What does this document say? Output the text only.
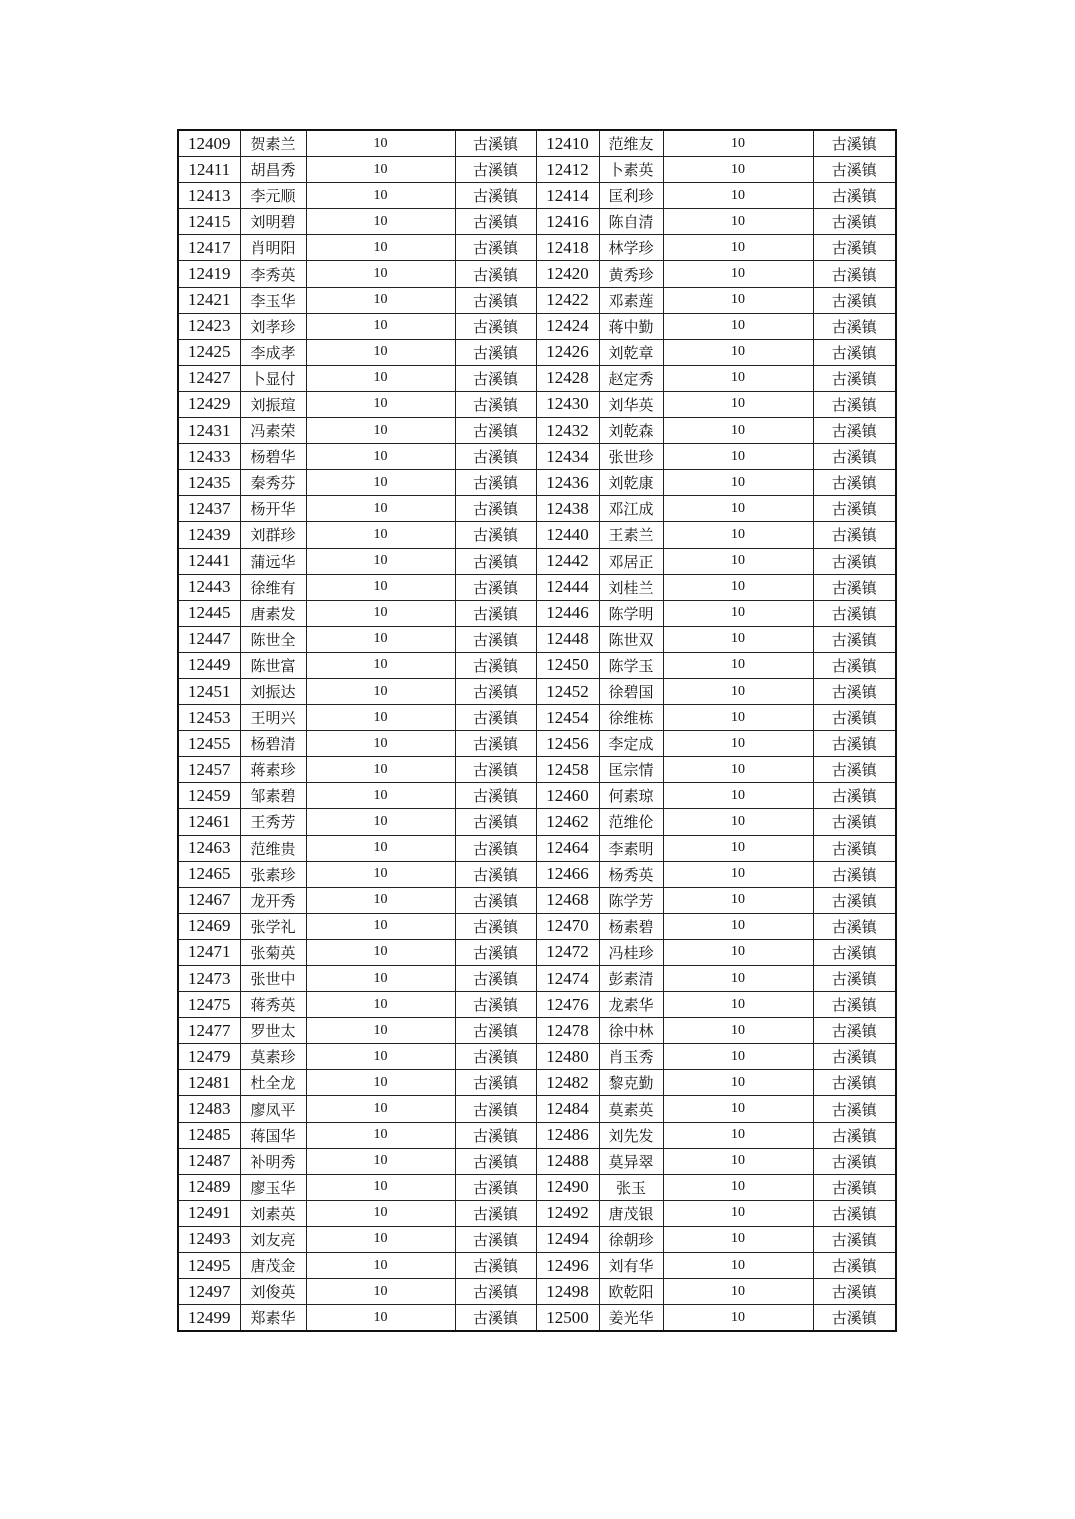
12409	贺素兰	10	古溪镇	12410	范维友	10	古溪镇
12411	胡昌秀	10	古溪镇	12412	卜素英	10	古溪镇
12413	李元顺	10	古溪镇	12414	匡利珍	10	古溪镇
12415	刘明碧	10	古溪镇	12416	陈自清	10	古溪镇
12417	肖明阳	10	古溪镇	12418	林学珍	10	古溪镇
12419	李秀英	10	古溪镇	12420	黄秀珍	10	古溪镇
12421	李玉华	10	古溪镇	12422	邓素莲	10	古溪镇
12423	刘孝珍	10	古溪镇	12424	蒋中勤	10	古溪镇
12425	李成孝	10	古溪镇	12426	刘乾章	10	古溪镇
12427	卜显付	10	古溪镇	12428	赵定秀	10	古溪镇
12429	刘振瑄	10	古溪镇	12430	刘华英	10	古溪镇
12431	冯素荣	10	古溪镇	12432	刘乾森	10	古溪镇
12433	杨碧华	10	古溪镇	12434	张世珍	10	古溪镇
12435	秦秀芬	10	古溪镇	12436	刘乾康	10	古溪镇
12437	杨开华	10	古溪镇	12438	邓江成	10	古溪镇
12439	刘群珍	10	古溪镇	12440	王素兰	10	古溪镇
12441	蒲远华	10	古溪镇	12442	邓居正	10	古溪镇
12443	徐维有	10	古溪镇	12444	刘桂兰	10	古溪镇
12445	唐素发	10	古溪镇	12446	陈学明	10	古溪镇
12447	陈世全	10	古溪镇	12448	陈世双	10	古溪镇
12449	陈世富	10	古溪镇	12450	陈学玉	10	古溪镇
12451	刘振达	10	古溪镇	12452	徐碧国	10	古溪镇
12453	王明兴	10	古溪镇	12454	徐维栋	10	古溪镇
12455	杨碧清	10	古溪镇	12456	李定成	10	古溪镇
12457	蒋素珍	10	古溪镇	12458	匡宗情	10	古溪镇
12459	邹素碧	10	古溪镇	12460	何素琼	10	古溪镇
12461	王秀芳	10	古溪镇	12462	范维伦	10	古溪镇
12463	范维贵	10	古溪镇	12464	李素明	10	古溪镇
12465	张素珍	10	古溪镇	12466	杨秀英	10	古溪镇
12467	龙开秀	10	古溪镇	12468	陈学芳	10	古溪镇
12469	张学礼	10	古溪镇	12470	杨素碧	10	古溪镇
12471	张菊英	10	古溪镇	12472	冯桂珍	10	古溪镇
12473	张世中	10	古溪镇	12474	彭素清	10	古溪镇
12475	蒋秀英	10	古溪镇	12476	龙素华	10	古溪镇
12477	罗世太	10	古溪镇	12478	徐中林	10	古溪镇
12479	莫素珍	10	古溪镇	12480	肖玉秀	10	古溪镇
12481	杜全龙	10	古溪镇	12482	黎克勤	10	古溪镇
12483	廖凤平	10	古溪镇	12484	莫素英	10	古溪镇
12485	蒋国华	10	古溪镇	12486	刘先发	10	古溪镇
12487	补明秀	10	古溪镇	12488	莫异翠	10	古溪镇
12489	廖玉华	10	古溪镇	12490	张玉	10	古溪镇
12491	刘素英	10	古溪镇	12492	唐茂银	10	古溪镇
12493	刘友亮	10	古溪镇	12494	徐朝珍	10	古溪镇
12495	唐茂金	10	古溪镇	12496	刘有华	10	古溪镇
12497	刘俊英	10	古溪镇	12498	欧乾阳	10	古溪镇
12499	郑素华	10	古溪镇	12500	姜光华	10	古溪镇
